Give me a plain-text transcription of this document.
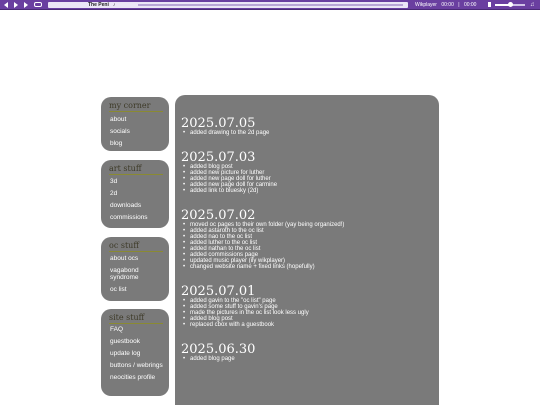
The Peni ♪	Wikplayer 00:00 | 00:00	♫
my corner
about
socials
blog
art stuff
3d
2d
downloads
commissions
oc stuff
about ocs
vagabond syndrome
oc list
site stuff
FAQ
guestbook
update log
buttons / webrings
neocities profile
2025.07.05
• added drawing to the 2d page
2025.07.03
• added blog post
• added new picture for luther
• added new page doll for luther
• added new page doll for carmine
• added link to bluesky (2d)
2025.07.02
• moved oc pages to their own folder (yay being organized!)
• added astaroth to the oc list
• added nao to the oc list
• added luther to the oc list
• added nathan to the oc list
• added commissions page
• updated music player (ily wikplayer)
• changed website name + fixed links (hopefully)
2025.07.01
• added gavin to the "oc list" page
• added some stuff to gavin's page
• made the pictures in the oc list look less ugly
• added blog post
• replaced cbox with a guestbook
2025.06.30
• added blog page
